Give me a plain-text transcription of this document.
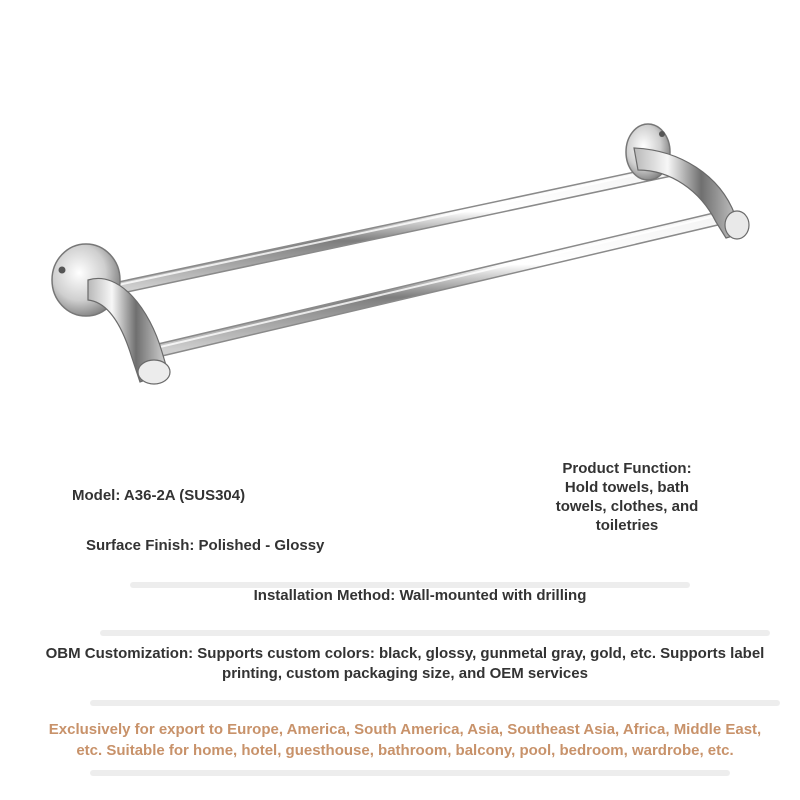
Model: A36-2A (SUS304)
Product Function:
Hold towels, bath
towels, clothes, and
toiletries
Surface Finish: Polished - Glossy
Installation Method: Wall-mounted with drilling
OBM Customization: Supports custom colors: black, glossy, gunmetal gray, gold, etc. Supports label printing, custom packaging size, and OEM services
Exclusively for export to Europe, America, South America, Asia, Southeast Asia, Africa, Middle East, etc. Suitable for home, hotel, guesthouse, bathroom, balcony, pool, bedroom, wardrobe, etc.
